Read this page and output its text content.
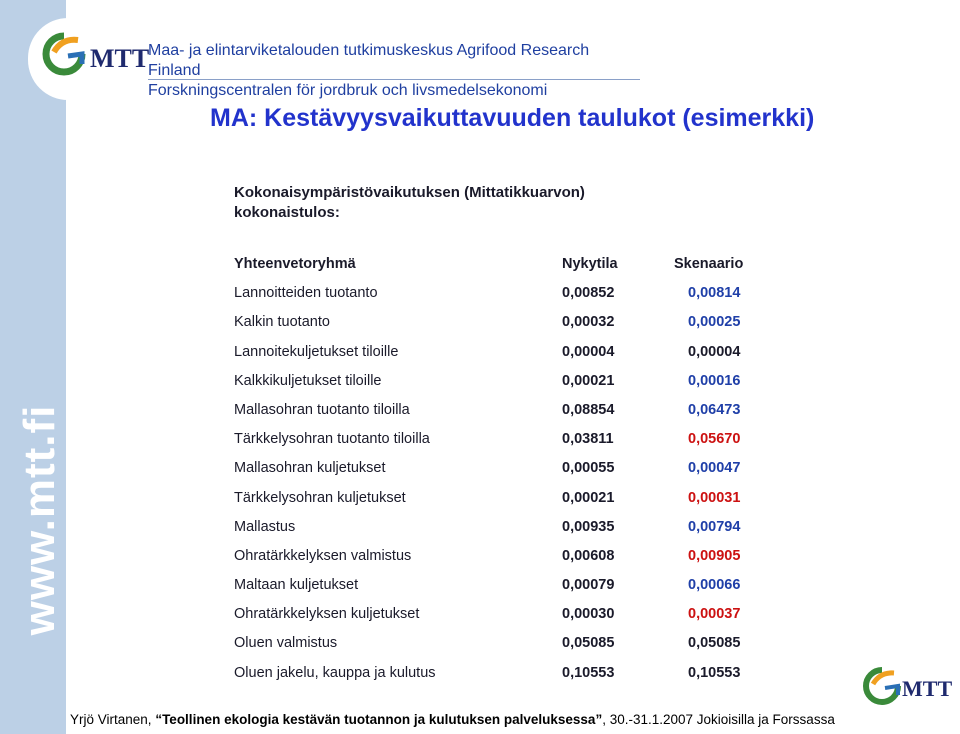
www.mtt.fi
MTT
Maa- ja elintarviketalouden tutkimuskeskus Agrifood Research
Finland
Forskningscentralen för jordbruk och livsmedelsekonomi
MA: Kestävyysvaikuttavuuden taulukot (esimerkki)
Kokonaisympäristövaikutuksen (Mittatikkuarvon)
kokonaistulos:
Yhteenvetoryhmä	Nykytila	Skenaario
Lannoitteiden tuotanto	0,00852	0,00814
Kalkin tuotanto	0,00032	0,00025
Lannoitekuljetukset tiloille	0,00004	0,00004
Kalkkikuljetukset tiloille	0,00021	0,00016
Mallasohran tuotanto tiloilla	0,08854	0,06473
Tärkkelysohran tuotanto tiloilla	0,03811	0,05670
Mallasohran kuljetukset	0,00055	0,00047
Tärkkelysohran kuljetukset	0,00021	0,00031
Mallastus	0,00935	0,00794
Ohratärkkelyksen valmistus	0,00608	0,00905
Maltaan kuljetukset	0,00079	0,00066
Ohratärkkelyksen kuljetukset	0,00030	0,00037
Oluen valmistus	0,05085	0,05085
Oluen jakelu, kauppa ja kulutus	0,10553	0,10553
MTT
Yrjö Virtanen, “Teollinen ekologia kestävän tuotannon ja kulutuksen palveluksessa”, 30.-31.1.2007 Jokioisilla ja Forssassa
